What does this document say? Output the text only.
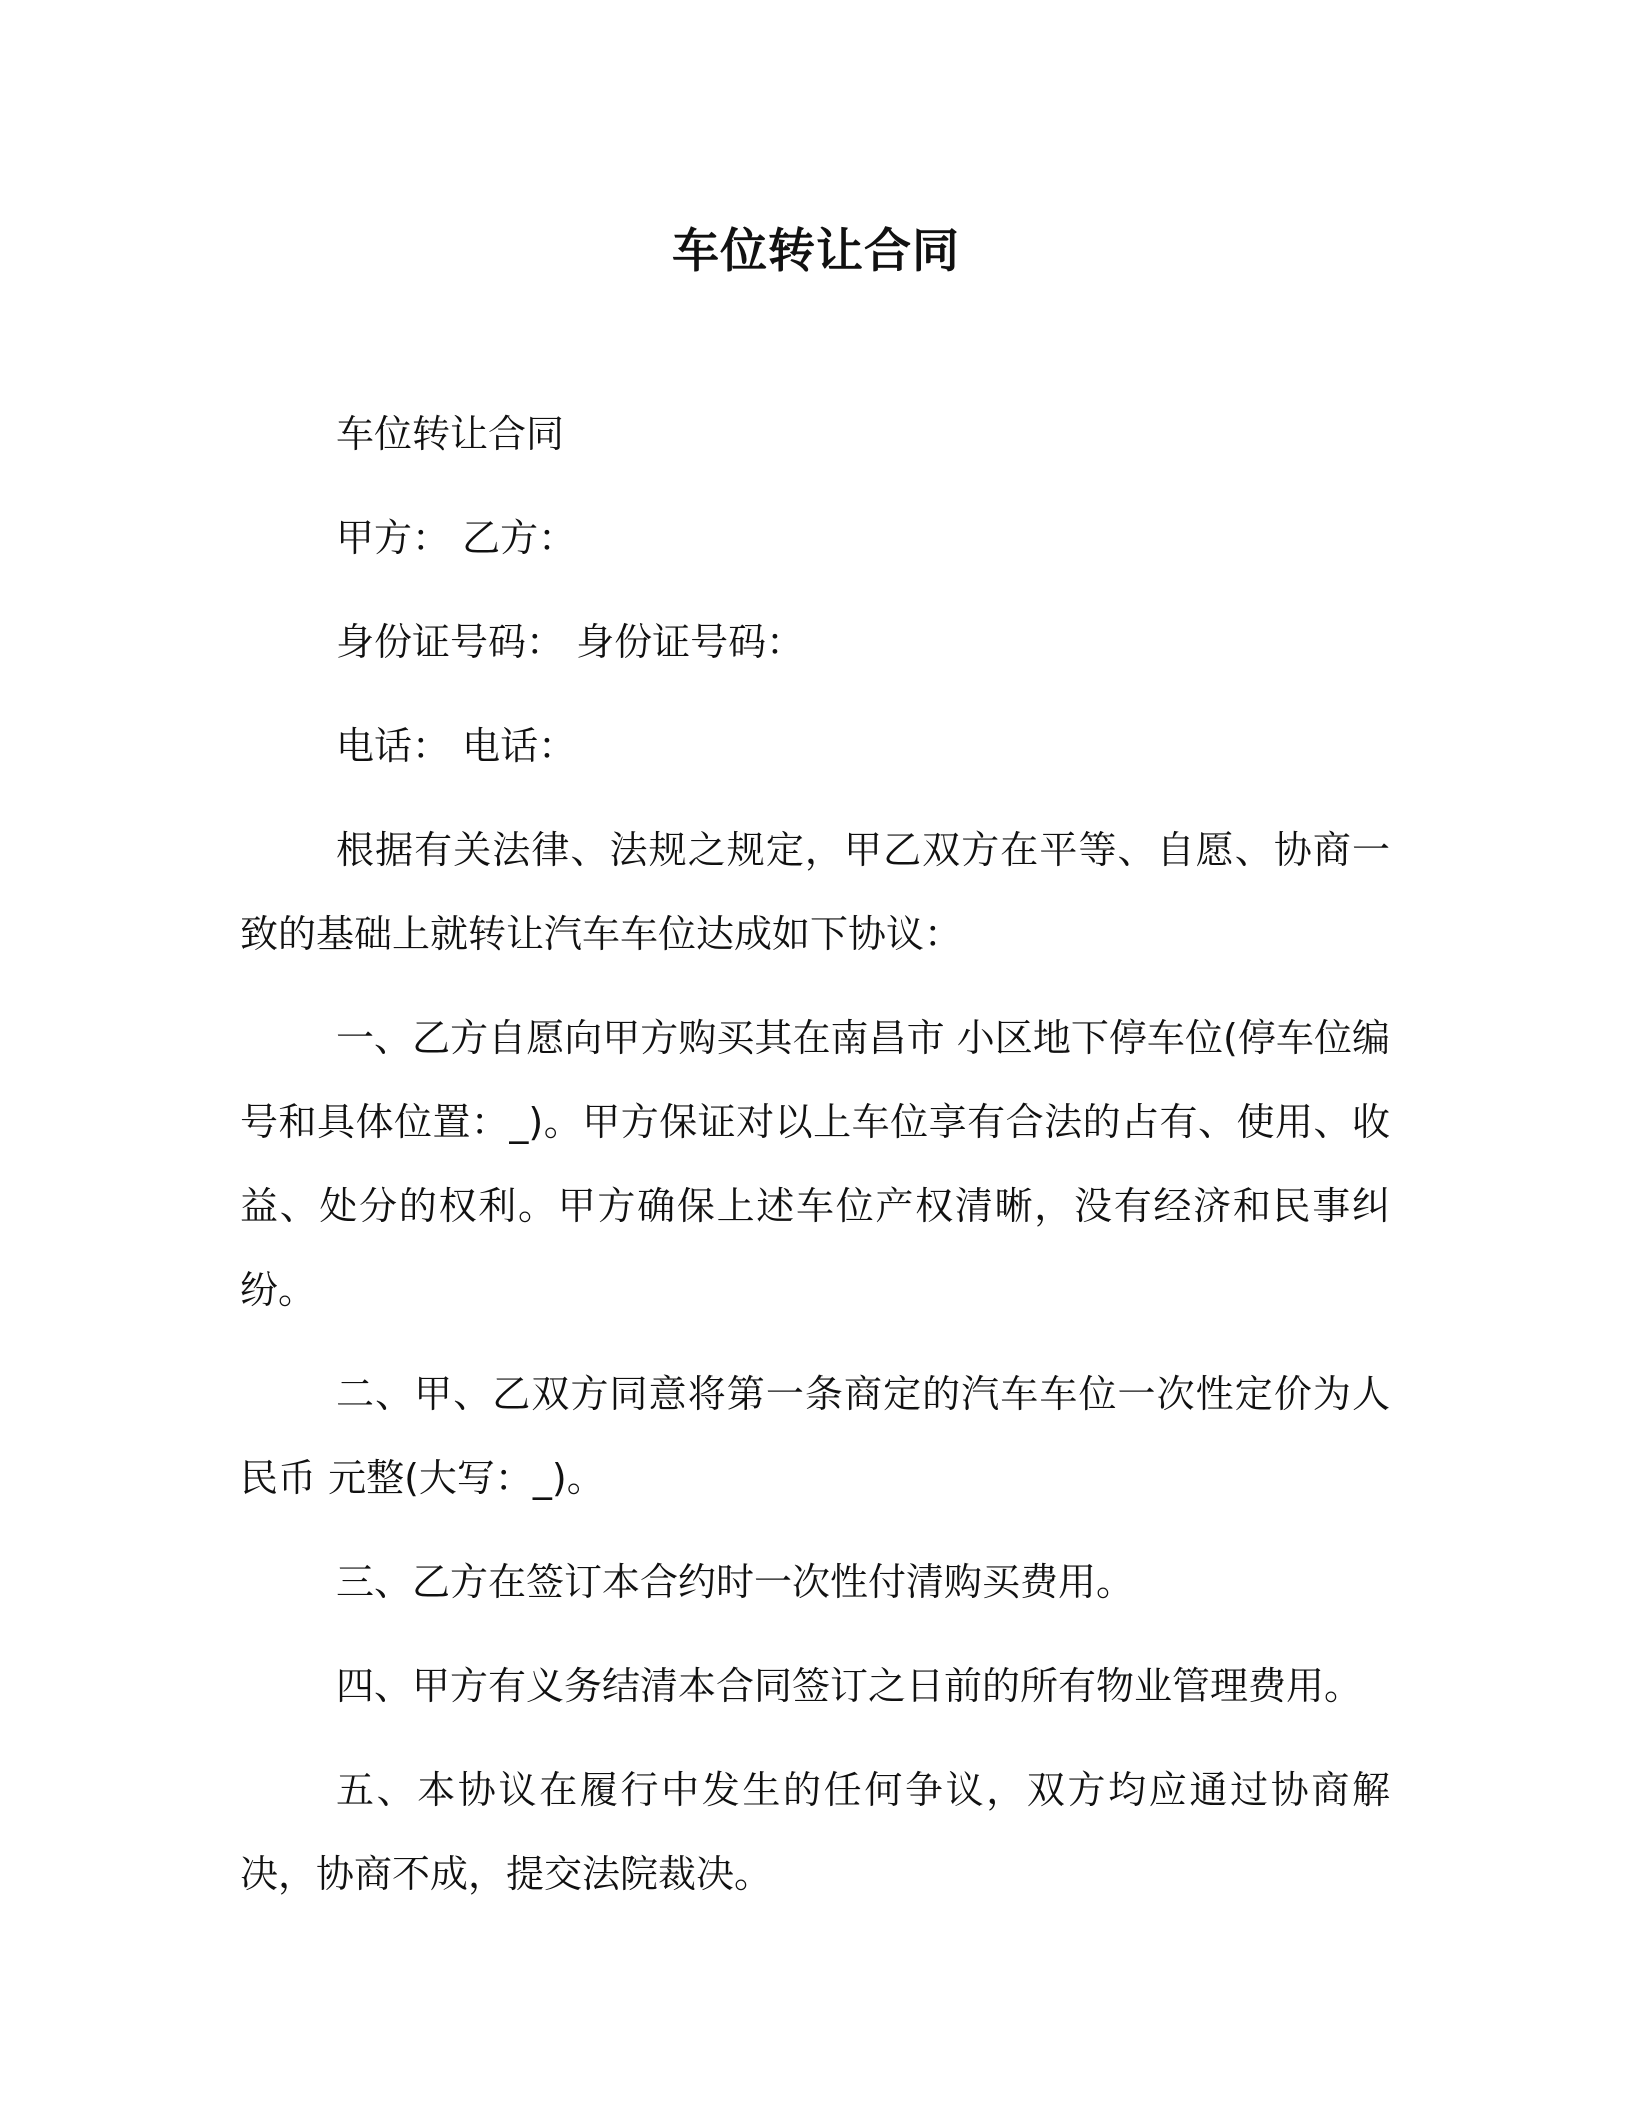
车位转让合同

车位转让合同

甲方： 乙方：

身份证号码： 身份证号码：

电话： 电话：

根据有关法律、法规之规定，甲乙双方在平等、自愿、协商一致的基础上就转让汽车车位达成如下协议：

一、乙方自愿向甲方购买其在南昌市 小区地下停车位(停车位编号和具体位置：_)。甲方保证对以上车位享有合法的占有、使用、收益、处分的权利。甲方确保上述车位产权清晰，没有经济和民事纠纷。

二、甲、乙双方同意将第一条商定的汽车车位一次性定价为人民币 元整(大写：_)。

三、乙方在签订本合约时一次性付清购买费用。

四、甲方有义务结清本合同签订之日前的所有物业管理费用。

五、本协议在履行中发生的任何争议，双方均应通过协商解决，协商不成，提交法院裁决。
